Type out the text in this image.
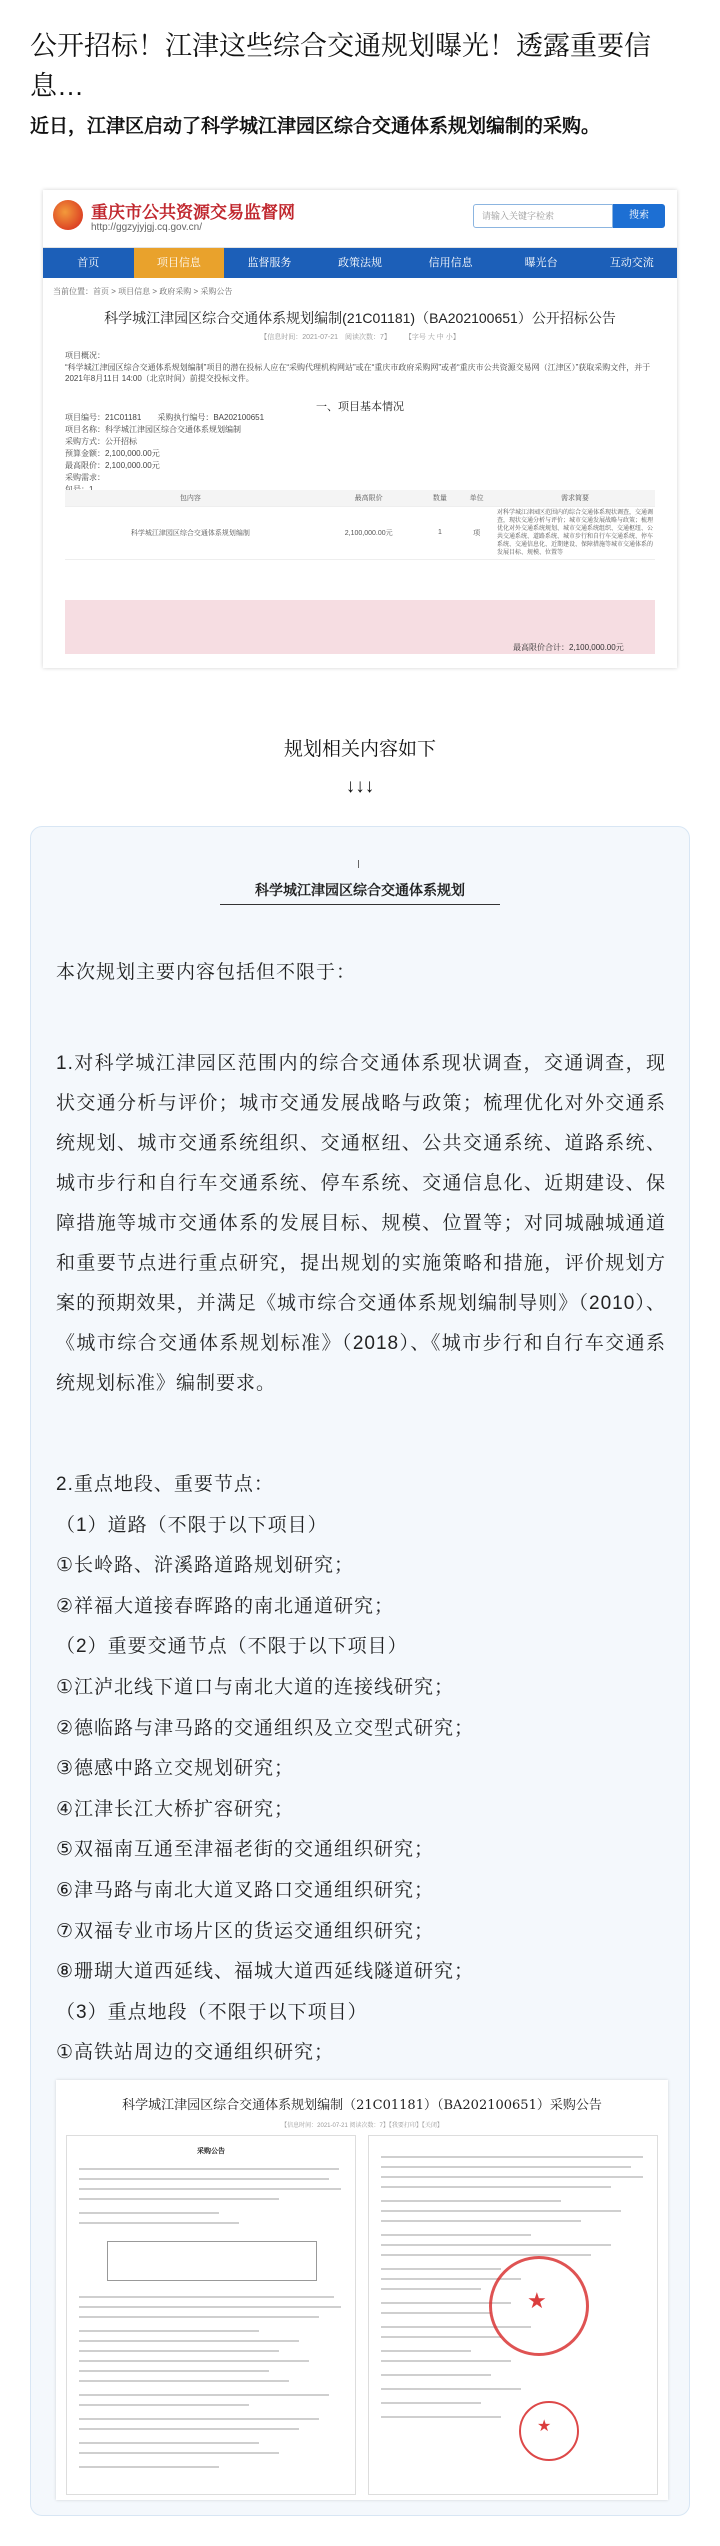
公开招标！江津这些综合交通规划曝光！透露重要信息…
近日，江津区启动了科学城江津园区综合交通体系规划编制的采购。
重庆市公共资源交易监督网
http://ggzyjyjgj.cq.gov.cn/
请输入关键字检索	搜索
首页	项目信息	监督服务	政策法规	信用信息	曝光台	互动交流
当前位置：首页 > 项目信息 > 政府采购 > 采购公告
科学城江津园区综合交通体系规划编制(21C01181)（BA202100651）公开招标公告
【信息时间：2021-07-21　阅读次数：7】　　　【字号 大 中 小】
项目概况：
“科学城江津园区综合交通体系规划编制”项目的潜在投标人应在“采购代理机构网站”或在“重庆市政府采购网”或者“重庆市公共资源交易网（江津区）”获取采购文件，并于 2021年8月11日 14:00（北京时间）前提交投标文件。
一、项目基本情况
项目编号：21C01181　　采购执行编号：BA202100651
项目名称：科学城江津园区综合交通体系规划编制
采购方式：公开招标
预算金额：2,100,000.00元
最高限价：2,100,000.00元
采购需求：
包内容	最高限价	数量	单位	需求简要
科学城江津园区综合交通体系规划编制	2,100,000.00元	1	项	对科学城江津园区范围内的综合交通体系现状调查，交通调查，现状交通分析与评价；城市交通发展战略与政策；梳理优化对外交通系统规划、城市交通系统组织、交通枢纽、公共交通系统、道路系统、城市步行和自行车交通系统、停车系统、交通信息化、近期建设、保障措施等城市交通体系的发展目标、规模、位置等
最高限价合计：2,100,000.00元
规划相关内容如下
↓↓↓
科学城江津园区综合交通体系规划
本次规划主要内容包括但不限于：
1.对科学城江津园区范围内的综合交通体系现状调查，交通调查，现状交通分析与评价；城市交通发展战略与政策；梳理优化对外交通系统规划、城市交通系统组织、交通枢纽、公共交通系统、道路系统、城市步行和自行车交通系统、停车系统、交通信息化、近期建设、保障措施等城市交通体系的发展目标、规模、位置等；对同城融城通道和重要节点进行重点研究，提出规划的实施策略和措施，评价规划方案的预期效果，并满足《城市综合交通体系规划编制导则》（2010）、《城市综合交通体系规划标准》（2018）、《城市步行和自行车交通系统规划标准》编制要求。
2.重点地段、重要节点：
（1）道路（不限于以下项目）
①长岭路、浒溪路道路规划研究；
②祥福大道接春晖路的南北通道研究；
（2）重要交通节点（不限于以下项目）
①江泸北线下道口与南北大道的连接线研究；
②德临路与津马路的交通组织及立交型式研究；
③德感中路立交规划研究；
④江津长江大桥扩容研究；
⑤双福南互通至津福老街的交通组织研究；
⑥津马路与南北大道叉路口交通组织研究；
⑦双福专业市场片区的货运交通组织研究；
⑧珊瑚大道西延线、福城大道西延线隧道研究；
（3）重点地段（不限于以下项目）
①高铁站周边的交通组织研究；
科学城江津园区综合交通体系规划编制（21C01181）（BA202100651）采购公告
【信息时间：2021-07-21 阅读次数：7】【我要打印】【关闭】
采购公告
★
★
